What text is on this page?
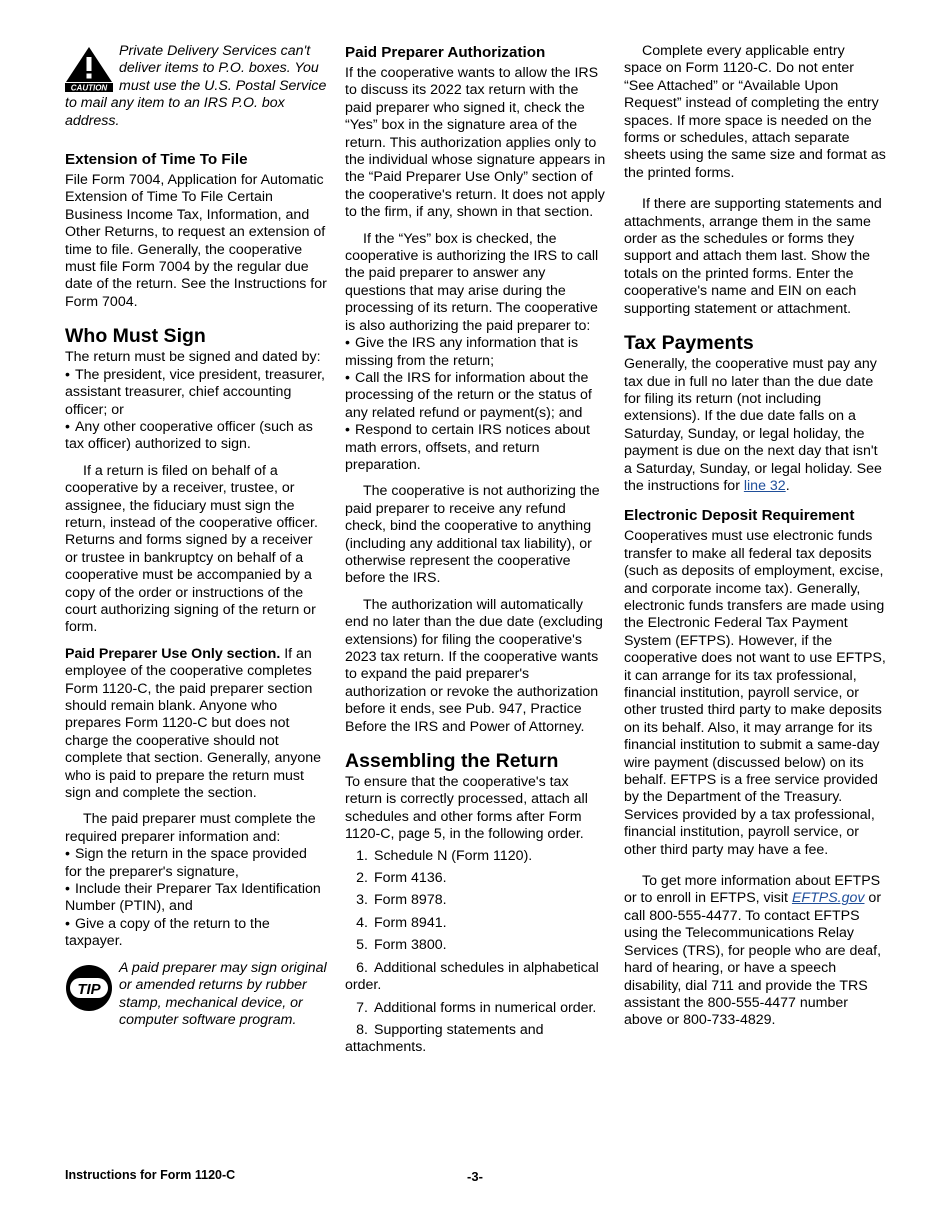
CAUTION
Private Delivery Services can't deliver items to P.O. boxes. You must use the U.S. Postal Service to mail any item to an IRS P.O. box address.
Extension of Time To File

File Form 7004, Application for Automatic Extension of Time To File Certain Business Income Tax, Information, and Other Returns, to request an extension of time to file. Generally, the cooperative must file Form 7004 by the regular due date of the return. See the Instructions for Form 7004.

Who Must Sign

The return must be signed and dated by:

• The president, vice president, treasurer, assistant treasurer, chief accounting officer; or

• Any other cooperative officer (such as tax officer) authorized to sign.

If a return is filed on behalf of a cooperative by a receiver, trustee, or assignee, the fiduciary must sign the return, instead of the cooperative officer. Returns and forms signed by a receiver or trustee in bankruptcy on behalf of a cooperative must be accompanied by a copy of the order or instructions of the court authorizing signing of the return or form.

Paid Preparer Use Only section. If an employee of the cooperative completes Form 1120-C, the paid preparer section should remain blank. Anyone who prepares Form 1120-C but does not charge the cooperative should not complete that section. Generally, anyone who is paid to prepare the return must sign and complete the section.

The paid preparer must complete the required preparer information and:

• Sign the return in the space provided for the preparer's signature,

• Include their Preparer Tax Identification Number (PTIN), and

• Give a copy of the return to the taxpayer.

TIP
A paid preparer may sign original or amended returns by rubber stamp, mechanical device, or computer software program.
Paid Preparer Authorization

If the cooperative wants to allow the IRS to discuss its 2022 tax return with the paid preparer who signed it, check the “Yes” box in the signature area of the return. This authorization applies only to the individual whose signature appears in the “Paid Preparer Use Only” section of the cooperative's return. It does not apply to the firm, if any, shown in that section.

If the “Yes” box is checked, the cooperative is authorizing the IRS to call the paid preparer to answer any questions that may arise during the processing of its return. The cooperative is also authorizing the paid preparer to:

• Give the IRS any information that is missing from the return;

• Call the IRS for information about the processing of the return or the status of any related refund or payment(s); and

• Respond to certain IRS notices about math errors, offsets, and return preparation.

The cooperative is not authorizing the paid preparer to receive any refund check, bind the cooperative to anything (including any additional tax liability), or otherwise represent the cooperative before the IRS.

The authorization will automatically end no later than the due date (excluding extensions) for filing the cooperative's 2023 tax return. If the cooperative wants to expand the paid preparer's authorization or revoke the authorization before it ends, see Pub. 947, Practice Before the IRS and Power of Attorney.

Assembling the Return

To ensure that the cooperative's tax return is correctly processed, attach all schedules and other forms after Form 1120-C, page 5, in the following order.

1. Schedule N (Form 1120).
2. Form 4136.
3. Form 8978.
4. Form 8941.
5. Form 3800.
6. Additional schedules in alphabetical order.
7. Additional forms in numerical order.
8. Supporting statements and attachments.

Complete every applicable entry space on Form 1120-C. Do not enter “See Attached” or “Available Upon Request” instead of completing the entry spaces. If more space is needed on the forms or schedules, attach separate sheets using the same size and format as the printed forms.

If there are supporting statements and attachments, arrange them in the same order as the schedules or forms they support and attach them last. Show the totals on the printed forms. Enter the cooperative's name and EIN on each supporting statement or attachment.

Tax Payments

Generally, the cooperative must pay any tax due in full no later than the due date for filing its return (not including extensions). If the due date falls on a Saturday, Sunday, or legal holiday, the payment is due on the next day that isn't a Saturday, Sunday, or legal holiday. See the instructions for line 32.

Electronic Deposit Requirement

Cooperatives must use electronic funds transfer to make all federal tax deposits (such as deposits of employment, excise, and corporate income tax). Generally, electronic funds transfers are made using the Electronic Federal Tax Payment System (EFTPS). However, if the cooperative does not want to use EFTPS, it can arrange for its tax professional, financial institution, payroll service, or other trusted third party to make deposits on its behalf. Also, it may arrange for its financial institution to submit a same-day wire payment (discussed below) on its behalf. EFTPS is a free service provided by the Department of the Treasury. Services provided by a tax professional, financial institution, payroll service, or other third party may have a fee.

To get more information about EFTPS or to enroll in EFTPS, visit EFTPS.gov or call 800-555-4477. To contact EFTPS using the Telecommunications Relay Services (TRS), for people who are deaf, hard of hearing, or have a speech disability, dial 711 and provide the TRS assistant the 800-555-4477 number above or 800-733-4829.

Instructions for Form 1120-C	-3-
